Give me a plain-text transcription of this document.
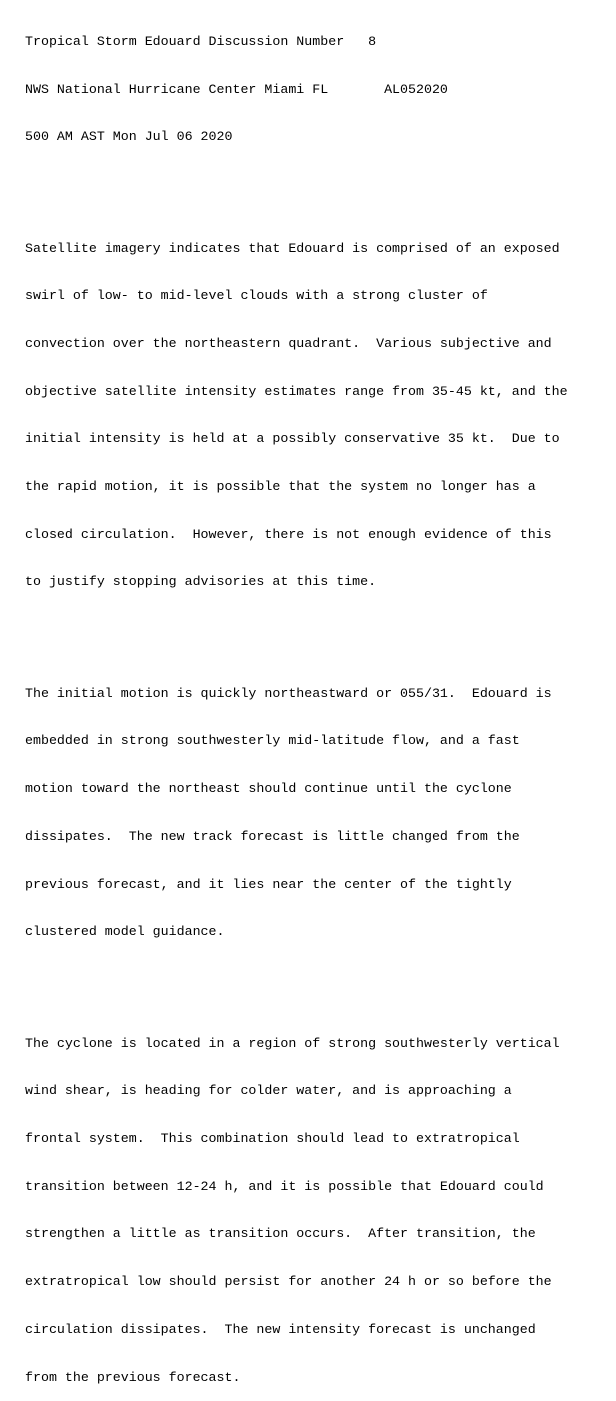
Tropical Storm Edouard Discussion Number   8

NWS National Hurricane Center Miami FL       AL052020

500 AM AST Mon Jul 06 2020

Satellite imagery indicates that Edouard is comprised of an exposed

swirl of low- to mid-level clouds with a strong cluster of

convection over the northeastern quadrant.  Various subjective and

objective satellite intensity estimates range from 35-45 kt, and the

initial intensity is held at a possibly conservative 35 kt.  Due to

the rapid motion, it is possible that the system no longer has a

closed circulation.  However, there is not enough evidence of this

to justify stopping advisories at this time.

The initial motion is quickly northeastward or 055/31.  Edouard is

embedded in strong southwesterly mid-latitude flow, and a fast

motion toward the northeast should continue until the cyclone

dissipates.  The new track forecast is little changed from the

previous forecast, and it lies near the center of the tightly

clustered model guidance.

The cyclone is located in a region of strong southwesterly vertical

wind shear, is heading for colder water, and is approaching a

frontal system.  This combination should lead to extratropical

transition between 12-24 h, and it is possible that Edouard could

strengthen a little as transition occurs.  After transition, the

extratropical low should persist for another 24 h or so before the

circulation dissipates.  The new intensity forecast is unchanged

from the previous forecast.
